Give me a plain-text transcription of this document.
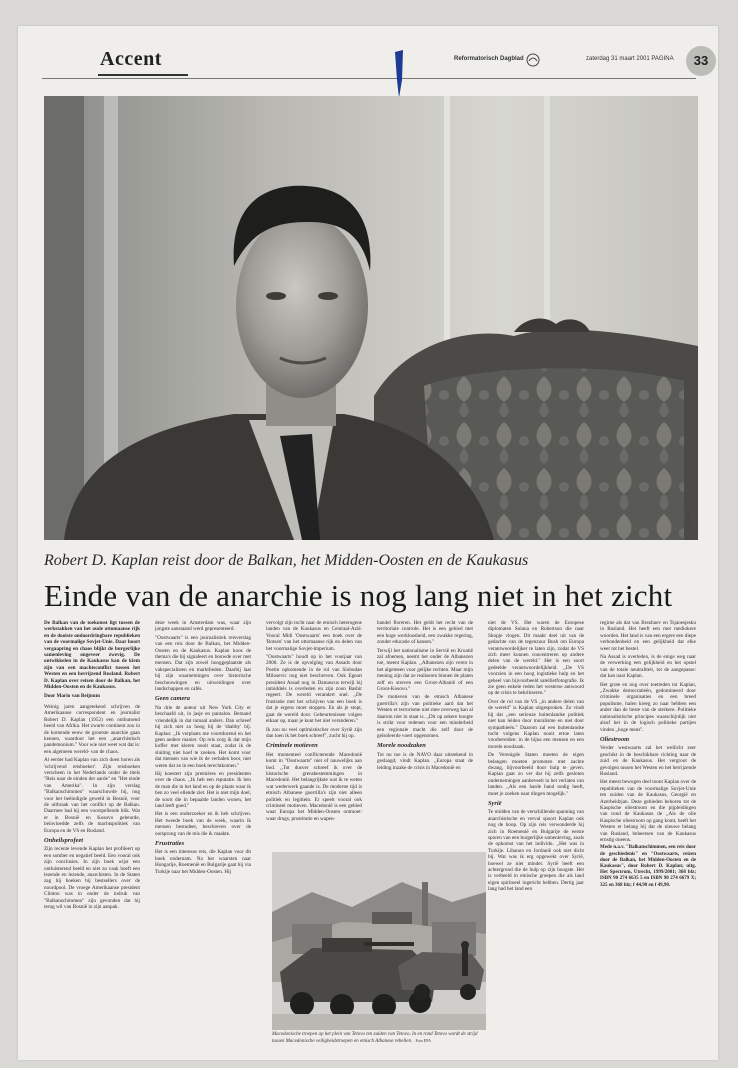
Accent	Reformatorisch Dagblad	zaterdag 31 maart 2001 PAGINA	33
Foto RD
Robert D. Kaplan reist door de Balkan, het Midden-Oosten en de Kaukasus
Einde van de anarchie is nog lang niet in het zicht

De Balkan van de toekomst ligt tussen de werkstakken van het oude ottomaanse rijk en de dooiste ondoordringbare republieken van de voormalige Sovjet-Unie. Daar hoort vergaapring en chaos blijkt de burgerlijke samenleving ongeveer zwevig. De ontwikkelen in de Kaukasus kan de kiem zijn van een machtsconflict tussen het Westen en een herrijzend Rusland. Robert D. Kaplan over reizen door de Balkan, het Midden-Oosten en de Kaukasus.

Door Mario van Beijnum

Weinig jaren aangetekend schrijven de Amerikaanse correspondent en journalist Robert D. Kaplan (1952) een onthutsend beeld van Afrika. Het zwarte continent zou in de komende eeuw de grootste anarchie gaan kennen, waardoor het een ,,anarchistisch pandemonium." Voor wie niet weet wat dat is: een algemeen wereld- van de chaos.

Al eerder had Kaplan van zich doen horen als 'schrijvend reisboeker'. Zijn reisboeken verscheen in het Nederlands onder de titels "Reis naar de einden der aarde" en "Het einde van Amerika". In zijn verslag "Balkanschimmen" waarschuwde hij, nog voor het beëindigde geweld in Bosnië, voor de uitbraak van het conflict op de Balkan. Daarmee had hij een voorspellende blik. Wat er in Bosnië en Kosovo gebeurde, beïnvloedde zelfs de machtspolitiek van Europa en de VS en Rusland.

Onheilsprofeet

Zijn recente levende Kaplan het profileert op een somber en negatief beeld. Een vooral ook zijn conclusies. In zijn boek wijst een ontluisterend beeld en niet zo vaak hoeft een lezende en lezende, anarchisten. In de Staten zag hij boeken bij bestsellers over de noordpool. De vroege Amerikaanse president Clinton was in onder de indruk van "Balkanschimmen" zijn gevonden dat hij terug wil van Bosnië in zijn aanpak.

deze week in Amsterdam was, waar zijn jongste aanstaand werd gepresenteerd.

"Oostwaarts" is een journalistiek reisverslag van een reis door de Balkan, het Midden-Oosten en de Kaukasus. Kaplan koos de thema's die hij signaleert en bouwde over met mensen. Dat zijn zowel hooggeplaatste als vakspecialisten en marktlieden. Daarbij laat hij zijn waarnemingen over historische beschouwingen en uitweidingen over landschappen en cafés.

Geen camera

Na drie de auteur uit New York City er beschaafd uit, in jasje en pantalon. Bemand vriendelijk in dat tomaal anders. Dan schreef hij zich niet zo hoog bij de 'shabby' bij. Kaplan: ,,Ik verplaats me voortdurend en het geen andere manier. Op reis zorg ik dat mijn koffer met kleren nooit staat, zodat ik de sluiting niet hoef te zoeken. Het komt voor dat mensen van wie ik de verhalen hoor, niet weten dat ze in een boek terechtkomen."

Hij koestert zijn premières en presidenten over de chaos. ,,Ik heb een reputatie. Ik ben de man die in het land en op de plaats waar ik ben zo veel ellende ziet. Het is niet mijn doel, de soort die in bepaalde landen wonen, het land leeft goed."

Het is een onderzoeker en ik heb schrijven. Het tweede boek van de week, waarin ik mensen bestudeer, beschreven over de oorsprong van de reis die ik maakte.

Frustraties

Het is een interesse reis, die Kaplan voor dit boek ondernam. Na het waarsten naar Hongarije, Roemenië en Bulgarije gaat hij via Turkije naar het Midden-Oosten. Hij

vervolgt zijn tocht naar de etnisch heterogene landen van de Kaukasus en Centraal-Azië. Vooral Midi 'Oostwaarts' een boek over de 'Rotsen' van het ottomaanse rijk en delen van het voormalige Sovjet-imperium.

"Oostwaarts" houdt op in het voorjaar van 2000. Ze is de opvolging van Assads door Poetin opkomende in de rol van Slobodan Milosevic nog niet beschreven. Ook Egeart president Assad nog in Damascus terwijl hij inmiddels is overleden en zijn zoon Bashir regeert. De wereld verandert snel. ,,De frustratie met het schrijven van een boek is dat je ergens moet stoppen. En als je stopt, gaat de wereld door. Gebeurtenissen volgen elkaar op, maar je kunt het niet veranderen."

Ik zou nu veel optimistischer over Syrië zijn dan toen ik het boek schreef", zucht hij op.

Criminele motieven

Het momenteel conflicterende Macedonië komt in "Oostwaarts" niet of nauwelijks aan bod. ,,Tot dusver schreef ik over de historische grensbestemmingen in Macedonië. Het belangrijkste wat ik te weten wat wederwerk gaande is. De moderne tijd is etnisch Albanese guerrilla's zijn niet alleen politiek en legitiem. Er speelt vooral ook crimineel motieven. Macedonië is een gebied waar Europa het Midden-Oosten ontmoet: waar drugs, prostitutie en wapen-

handel floreren. Het geldt het recht van de territoriale controle. Het is een gebied met een hoge werkloosheid, een zwakke regering, zonder educatie of kansen."

Terwijl het nationalisme in Servië en Kroatië zal afnemen, neemt het onder de Albanezen toe, meent Kaplan. ,,Albanezen zijn veren in het algemeen voor gelijke rechten. Maar mijn mening zijn dat ze realiseren binnen de platen zelf en streven een Groot-Albanië of een Groot-Kosovo."

De motieven van de etnisch Albanese guerrilla's zijn van politieke aard dat het Westen er terrorisme niet mee overweg kan al daarom niet in staat is. ,,Dit op zekere hoogte is strikt voor redenen voor een minderheid een regionale macht die zelf door de geïsoleerde voert opgenomen.

Morele noodzaken

Tot nu toe is de NAVO daar uitstekend in geslaagd, vindt Kaplan. ,,Europa staat de leiding inzake de crisis in Macedonië en

niet de VS. Het waren de Europese diplomaten Solana en Robertson die naar Skopje vlogen. Dit maakt deel uit van de gedachte van de tegenzuur Bush om Europa verantwoordelijker te laten zijn, zodat de VS zich meer kunnen concentreren op andere delen van de wereld." Het is een soort gedeelde verantwoordelijkheid. ,,De VS voorzien in een hoog logistieke hulp en het geheel van bijvoorbeeld satellietfotografie. Ik zie geen enkele reden het westerse antwoord op de crisis te bekritiseren."

Over de rol van de VS ,,in andere delen van de wereld" is Kaplan uitgesproken. Zo vindt hij dat ,,een serieuze buitenlandse politiek niet kan leiden door moralisme en niet door sympathieën." Daarom zal een buitenlandse tocht volgens Kaplan nooit ertoe laten voorbereiden: in de bijna een mensen en een morele noodzaak.

De Verenigde Staten moeten de eigen belangen moeten promoten met zachte dwang, bijvoorbeeld door hulp te geven. Kaplan gaat zo ver dat hij zelfs gesloten ondernemingen aanbeveelt in het verlaten van landen. ,,Als een harde hand nodig heeft, moet je zoeken naar dingen mogelijk."

Syrië

Te midden van de verschillende spanning van anarchistische en verval spoort Kaplan ook nog de hoop. Op zijn reis verwonderde hij zich in Roemenië en Bulgarije de eerste sporen van een burgerlijke samenleving, zoals de opkomst van het individu. ,,Het was in Turkije. Libanon en Jordanië ook niet dicht bij. Wat was ik erg opgewekt over Syrië, hoewel ze niet minder. Syrië heeft een achtergrond die de hulp op zijn hoogste. Het is verbeeld in etnische groepen die als land eigen spiritueel ingericht hebben. Dertig jaar lang had het land een

regime als dat van Brezhnev en Tsjaoesjesku in Rusland. Het heeft een met mediokere woorden. Het land is van een ergere een diepe verbondenheid en een gelijkheid dat elke weer tot het bestel.

Na Assad is overleden, is de enige weg naar de verwerking een gelijkheid en het opstel van de totale neutraliteit, tot de aangepasse: dat kan naar Kaplan.

Het grote en nog over toetreden tot Kaplan, ,,Zwakke democratieën, gedomineerd door criminele organisaties en een breed populisme, halen kreeg zo naar hebben een ander dan de beste van de sterkere. Politieke nationalistische principes waarschijnlijk niet alsof het in de logisch politieke partijen vinden ,,hoge mens''.

Oliestroom

Verder westwaarts zal het wellicht zeer geschikt in de beschikbare richting naar de zuid en de Kaukasus. Het vergroot de gevolgen tussen het Westen en het herrijzende Rusland.

Het meest bewogen deel toont Kaplan over de republieken van de voormalige Sovjet-Unie ten zuiden van de Kaukasus, Georgië en Azerbeidzjan. Deze gebieden behoren tot de Kaspische oliestroom en die pijpleidingen van rond de Kaukasus de ,,Als de olie Kaspische oliestroom op gang komt, heeft het Westen er belang bij dat de nieuwe belang van Rusland, beheersen van de Kaukasus ernstig oneens.

Mede n.a.v. "Balkanschimmen, een reis door de geschiedenis" en "Oostwaarts, reizen door de Balkan, het Midden-Oosten en de Kaukasus", door Robert D. Kaplan; uitg. Het Spectrum, Utrecht, 1999/2001; 368 blz; ISBN 90 274 6635 5 en ISBN 90 274 6679 X; 325 en 368 blz; f 44,90 en f 49,90.

Macedonische troepen op het plein van Tetovo ten zuiden van Tetovo. In en rond Tetovo wordt de strijd tussen Macedonische veiligheidstroepen en etnisch Albanese rebellen. Foto EPA
